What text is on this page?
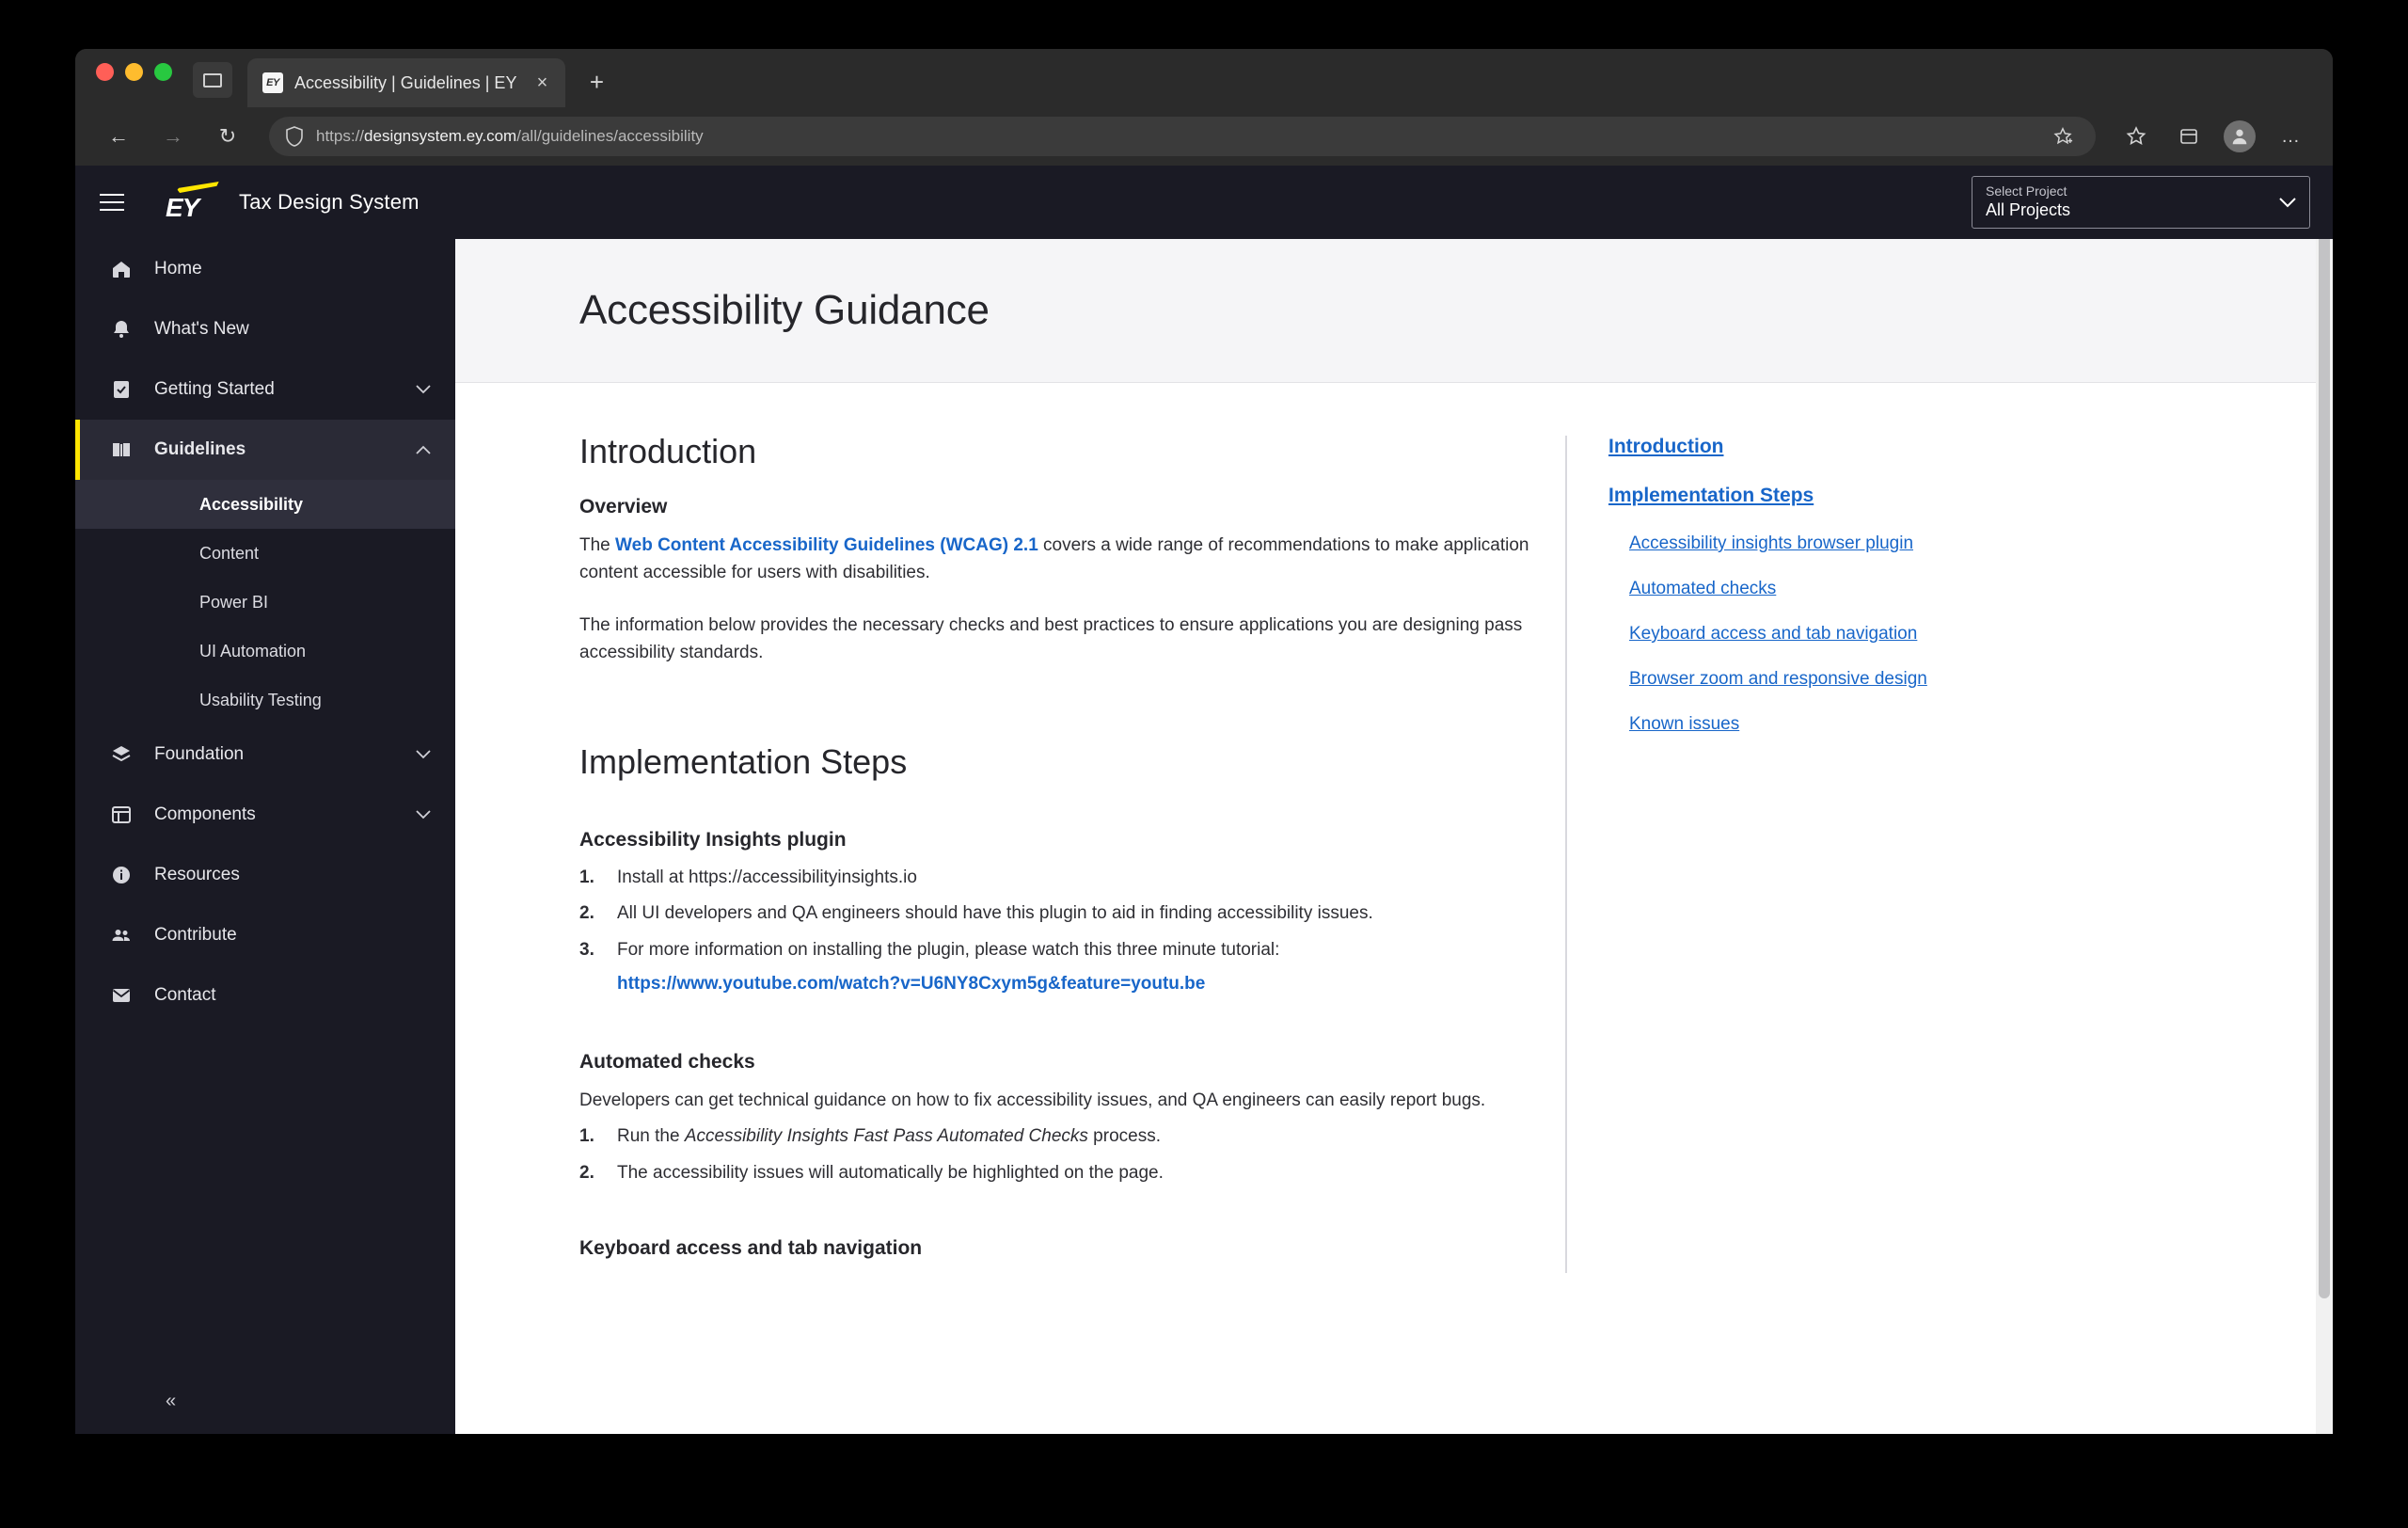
EY Accessibility | Guidelines | EY × +
←	→	↻	https://designsystem.ey.com/all/guidelines/accessibility	…
EY Tax Design System	Select Project
All Projects
Home
What's New
Getting Started
Guidelines
Accessibility
Content
Power BI
UI Automation
Usability Testing
Foundation
Components
Resources
Contribute
Contact
«
Accessibility Guidance
Introduction
Overview

The Web Content Accessibility Guidelines (WCAG) 2.1 covers a wide range of recommendations to make application content accessible for users with disabilities.

The information below provides the necessary checks and best practices to ensure applications you are designing pass accessibility standards.

Implementation Steps
Accessibility Insights plugin
1.	Install at https://accessibilityinsights.io
2.	All UI developers and QA engineers should have this plugin to aid in finding accessibility issues.
3.	For more information on installing the plugin, please watch this three minute tutorial:
https://www.youtube.com/watch?v=U6NY8Cxym5g&feature=youtu.be
Automated checks

Developers can get technical guidance on how to fix accessibility issues, and QA engineers can easily report bugs.

1.	Run the Accessibility Insights Fast Pass Automated Checks process.
2.	The accessibility issues will automatically be highlighted on the page.
Keyboard access and tab navigation
Introduction
Implementation Steps
Accessibility insights browser plugin
Automated checks
Keyboard access and tab navigation
Browser zoom and responsive design
Known issues
